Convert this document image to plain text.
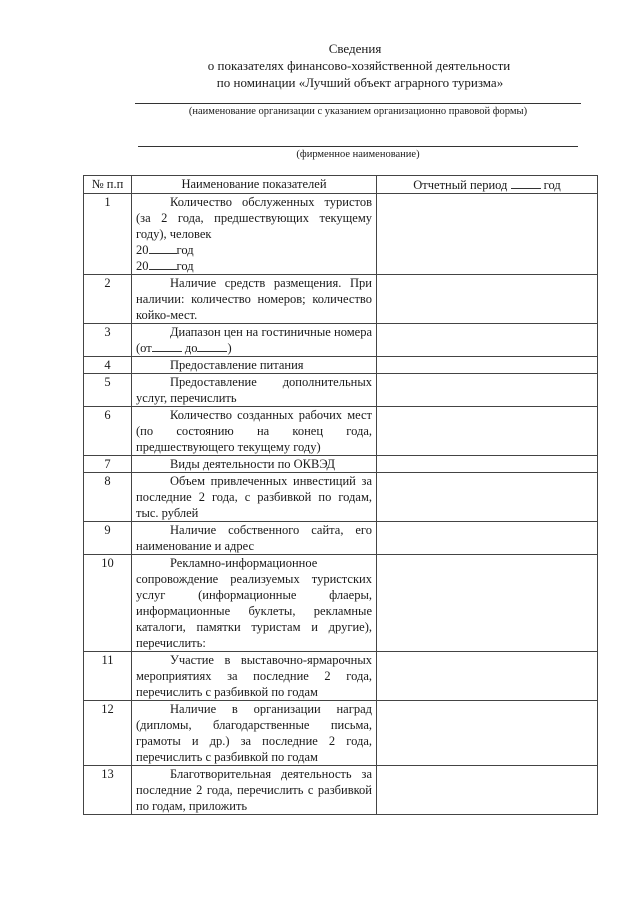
Сведения
о показателях финансово-хозяйственной деятельности
по номинации «Лучший объект аграрного туризма»
(наименование организации с указанием организационно правовой формы)
(фирменное наименование)
№ п.п	Наименование показателей	Отчетный период год
1	Количество обслуженных туристов (за 2 года, предшествующих текущему году), человек
20 год
20 год	

2	Наличие средств размещения. При наличии: количество номеров; количество койко-мест.	
3	Диапазон цен на гостиничные номера (от до )	
4	Предоставление питания	
5	Предоставление дополнительных услуг, перечислить	
6	Количество созданных рабочих мест (по состоянию на конец года, предшествующего текущему году)	
7	Виды деятельности по ОКВЭД	
8	Объем привлеченных инвестиций за последние 2 года, с разбивкой по годам, тыс. рублей	
9	Наличие собственного сайта, его наименование и адрес	
10	Рекламно-информационное сопровождение реализуемых туристских услуг (информационные флаеры, информационные буклеты, рекламные каталоги, памятки туристам и другие), перечислить:	
11	Участие в выставочно-ярмарочных мероприятиях за последние 2 года, перечислить с разбивкой по годам	
12	Наличие в организации наград (дипломы, благодарственные письма, грамоты и др.) за последние 2 года, перечислить с разбивкой по годам	
13	Благотворительная деятельность за последние 2 года, перечислить с разбивкой по годам, приложить	
